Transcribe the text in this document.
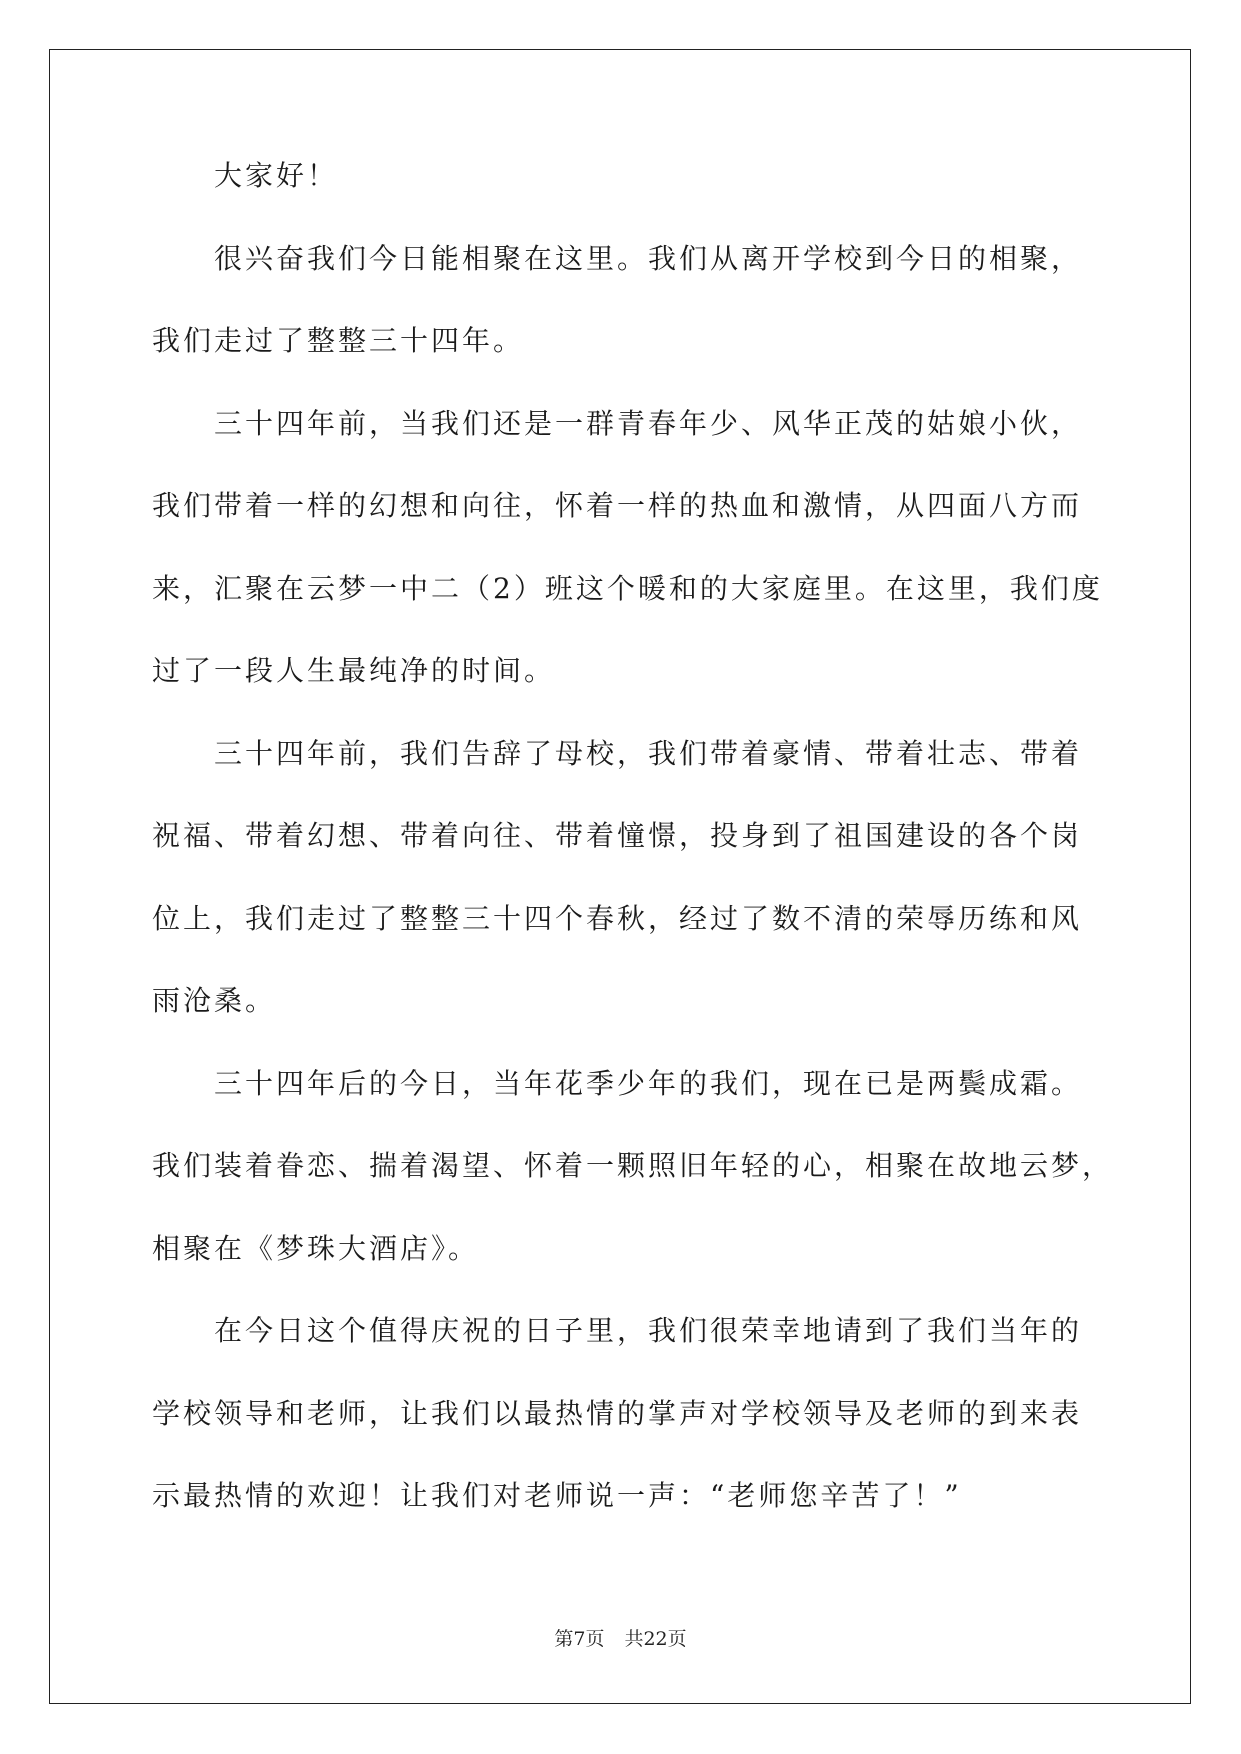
大家好！
很兴奋我们今日能相聚在这里。我们从离开学校到今日的相聚，
我们走过了整整三十四年。
三十四年前，当我们还是一群青春年少、风华正茂的姑娘小伙，
我们带着一样的幻想和向往，怀着一样的热血和激情，从四面八方而
来，汇聚在云梦一中二（2）班这个暖和的大家庭里。在这里，我们度
过了一段人生最纯净的时间。
三十四年前，我们告辞了母校，我们带着豪情、带着壮志、带着
祝福、带着幻想、带着向往、带着憧憬，投身到了祖国建设的各个岗
位上，我们走过了整整三十四个春秋，经过了数不清的荣辱历练和风
雨沧桑。
三十四年后的今日，当年花季少年的我们，现在已是两鬓成霜。
我们装着眷恋、揣着渴望、怀着一颗照旧年轻的心，相聚在故地云梦，
相聚在《梦珠大酒店》。
在今日这个值得庆祝的日子里，我们很荣幸地请到了我们当年的
学校领导和老师，让我们以最热情的掌声对学校领导及老师的到来表
示最热情的欢迎！让我们对老师说一声：“老师您辛苦了！”
第7页 共22页
